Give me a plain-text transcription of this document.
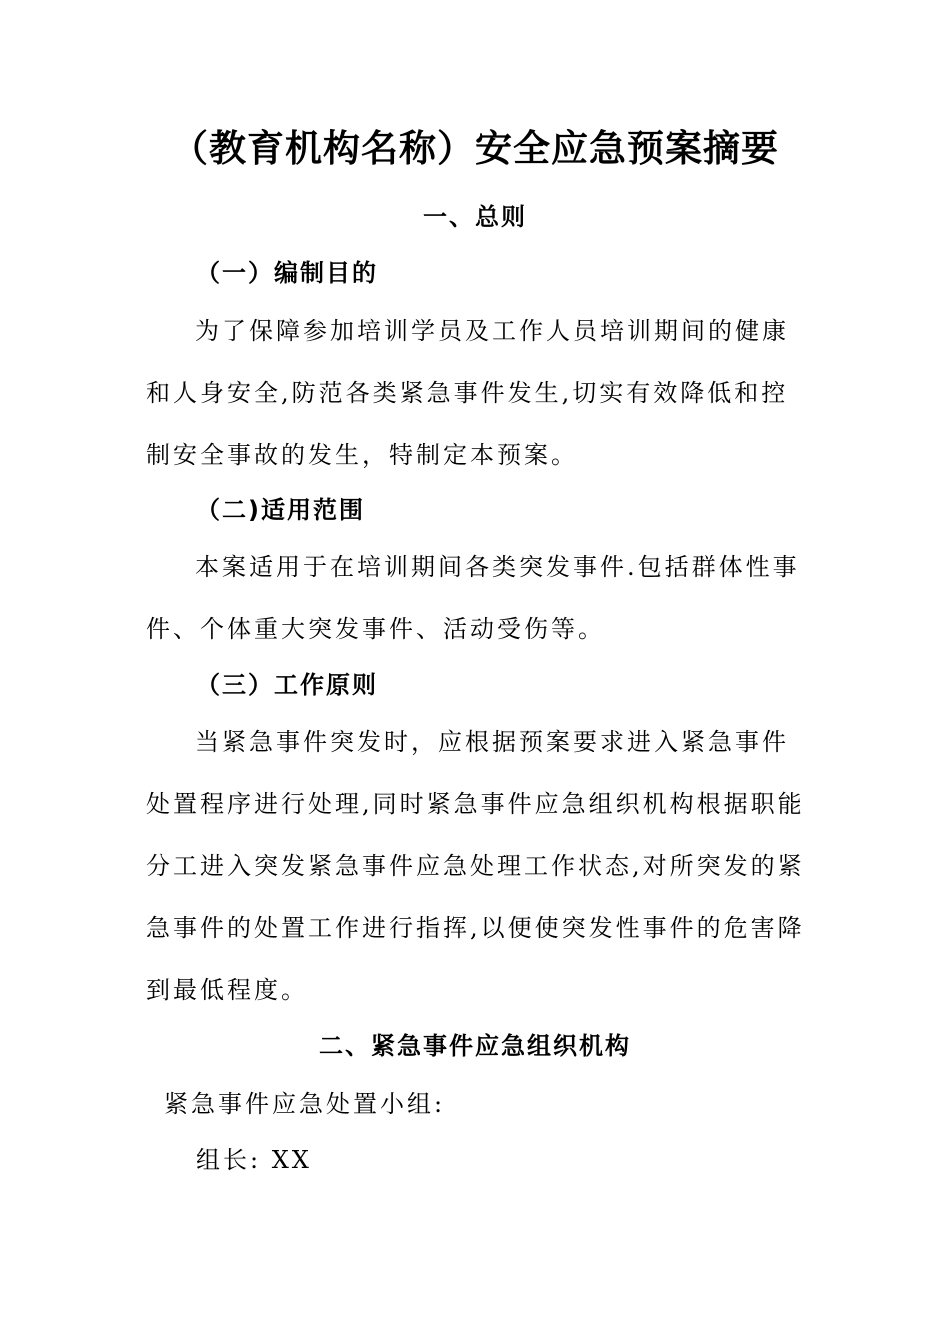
（教育机构名称）安全应急预案摘要
一、总则
（一）编制目的

为了保障参加培训学员及工作人员培训期间的健康和人身安全,防范各类紧急事件发生,切实有效降低和控制安全事故的发生，特制定本预案。

（二)适用范围

本案适用于在培训期间各类突发事件.包括群体性事件、个体重大突发事件、活动受伤等。

（三）工作原则

当紧急事件突发时，应根据预案要求进入紧急事件处置程序进行处理,同时紧急事件应急组织机构根据职能分工进入突发紧急事件应急处理工作状态,对所突发的紧急事件的处置工作进行指挥,以便使突发性事件的危害降到最低程度。

二、紧急事件应急组织机构
紧急事件应急处置小组:
组长: XX
